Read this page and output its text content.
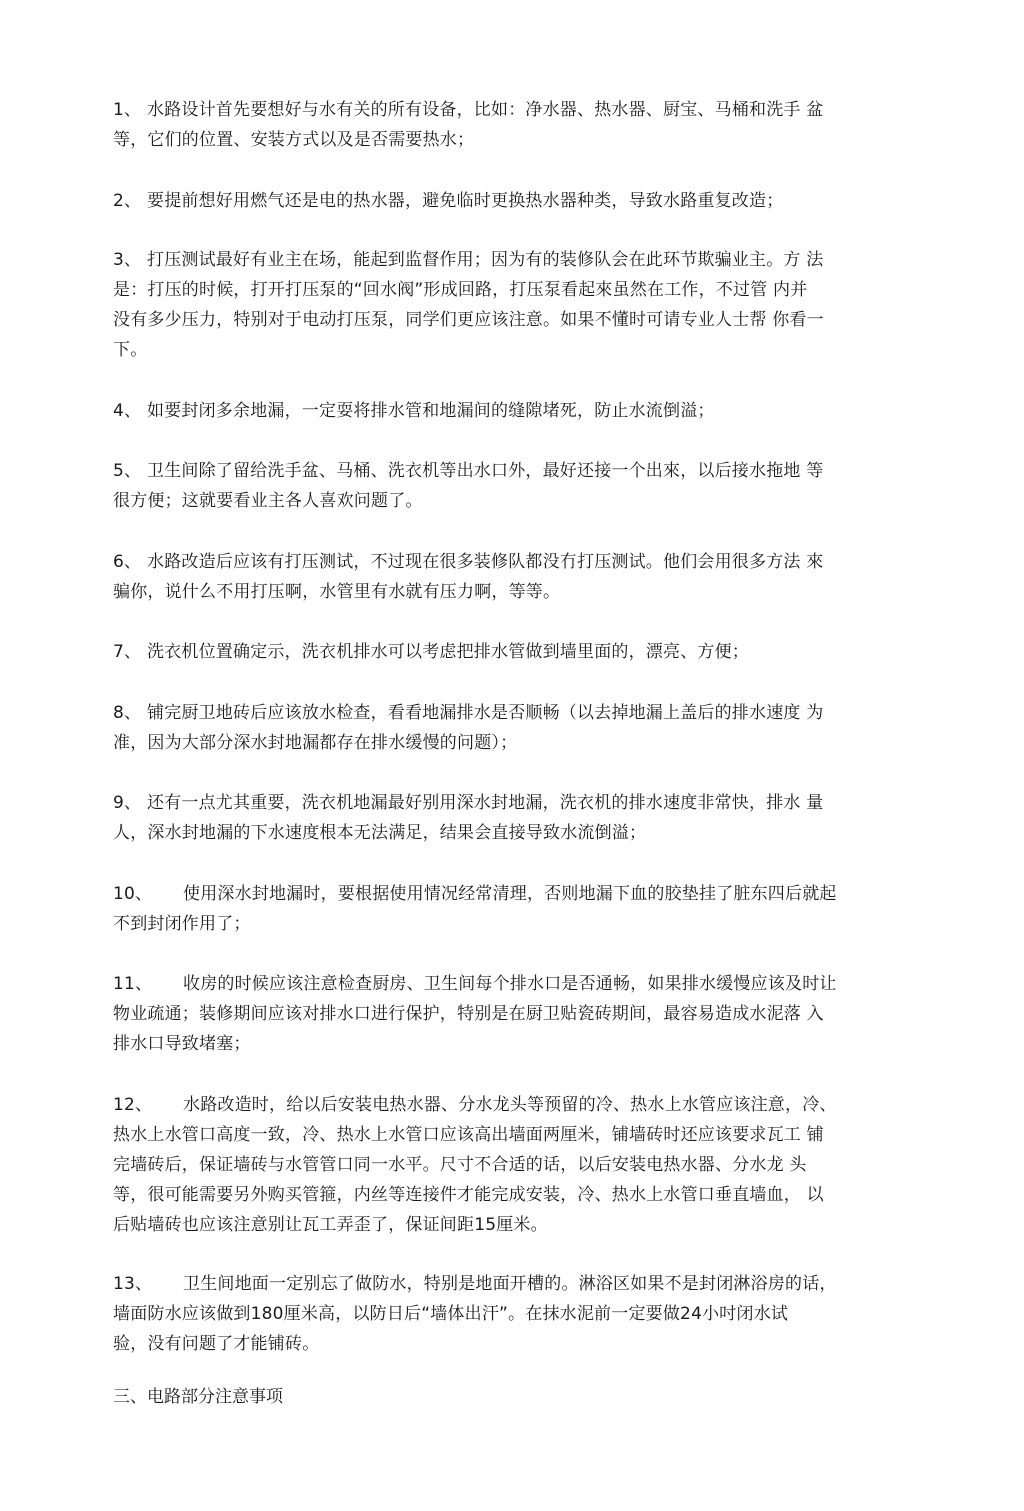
1、 水路设计首先要想好与水有关的所有设备，比如：净水器、热水器、厨宝、马桶和洗手 盆
等，它们的位置、安装方式以及是否需要热水；
2、 要提前想好用燃气还是电的热水器，避免临时更换热水器种类，导致水路重复改造；
3、 打压测试最好有业主在场，能起到监督作用；因为有的装修队会在此环节欺骗业主。方 法
是：打压的时候，打开打压泵的“回水阀”形成回路，打压泵看起來虽然在工作，不过管 内并
没有多少压力，特别对于电动打压泵，同学们更应该注意。如果不懂时可请专业人士帮 你看一
下。
4、 如要封闭多余地漏，一定耍将排水管和地漏间的缝隙堵死，防止水流倒溢；
5、 卫生间除了留给洗手盆、马桶、洗衣机等出水口外，最好还接一个出來，以后接水拖地 等
很方便；这就要看业主各人喜欢问题了。
6、 水路改造后应该有打压测试，不过现在很多装修队都没冇打压测试。他们会用很多方法 來
骗你，说什么不用打压啊，水管里有水就有压力啊，等等。
7、 洗衣机位置确定示，洗衣机排水可以考虑把排水管做到墙里面的，漂亮、方便；
8、 铺完厨卫地砖后应该放水检查，看看地漏排水是否顺畅（以去掉地漏上盖后的排水速度 为
准，因为大部分深水封地漏都存在排水缓慢的问题）；
9、 还有一点尤其重要，洗衣机地漏最好别用深水封地漏，洗衣机的排水速度非常快，排水 量
人，深水封地漏的下水速度根本无法满足，结果会直接导致水流倒溢；
10、 使用深水封地漏时，要根据使用情况经常清理，否则地漏下血的胶垫挂了脏东四后就起
不到封闭作用了；
11、 收房的时候应该注意检查厨房、卫生间每个排水口是否通畅，如果排水缓慢应该及时让
物业疏通；装修期间应该对排水口进行保护，特别是在厨卫贴瓷砖期间，最容易造成水泥落 入
排水口导致堵塞；
12、 水路改造时，给以后安装电热水器、分水龙头等预留的冷、热水上水管应该注意，冷、
热水上水管口高度一致，冷、热水上水管口应该高出墙面两厘米，铺墙砖时还应该要求瓦工 铺
完墙砖后，保证墙砖与水管管口同一水平。尺寸不合适的话，以后安装电热水器、分水龙 头
等，很可能需要另外购买管箍，内丝等连接件才能完成安装，冷、热水上水管口垂直墙血， 以
后贴墙砖也应该注意别让瓦工弄歪了，保证间距15厘米。
13、 卫生间地面一定别忘了做防水，特别是地面开槽的。淋浴区如果不是封闭淋浴房的话，
墙面防水应该做到180厘米高，以防日后“墙体出汗”。在抹水泥前一定要做24小吋闭水试
验，没有问题了才能铺砖。
三、电路部分注意事项
